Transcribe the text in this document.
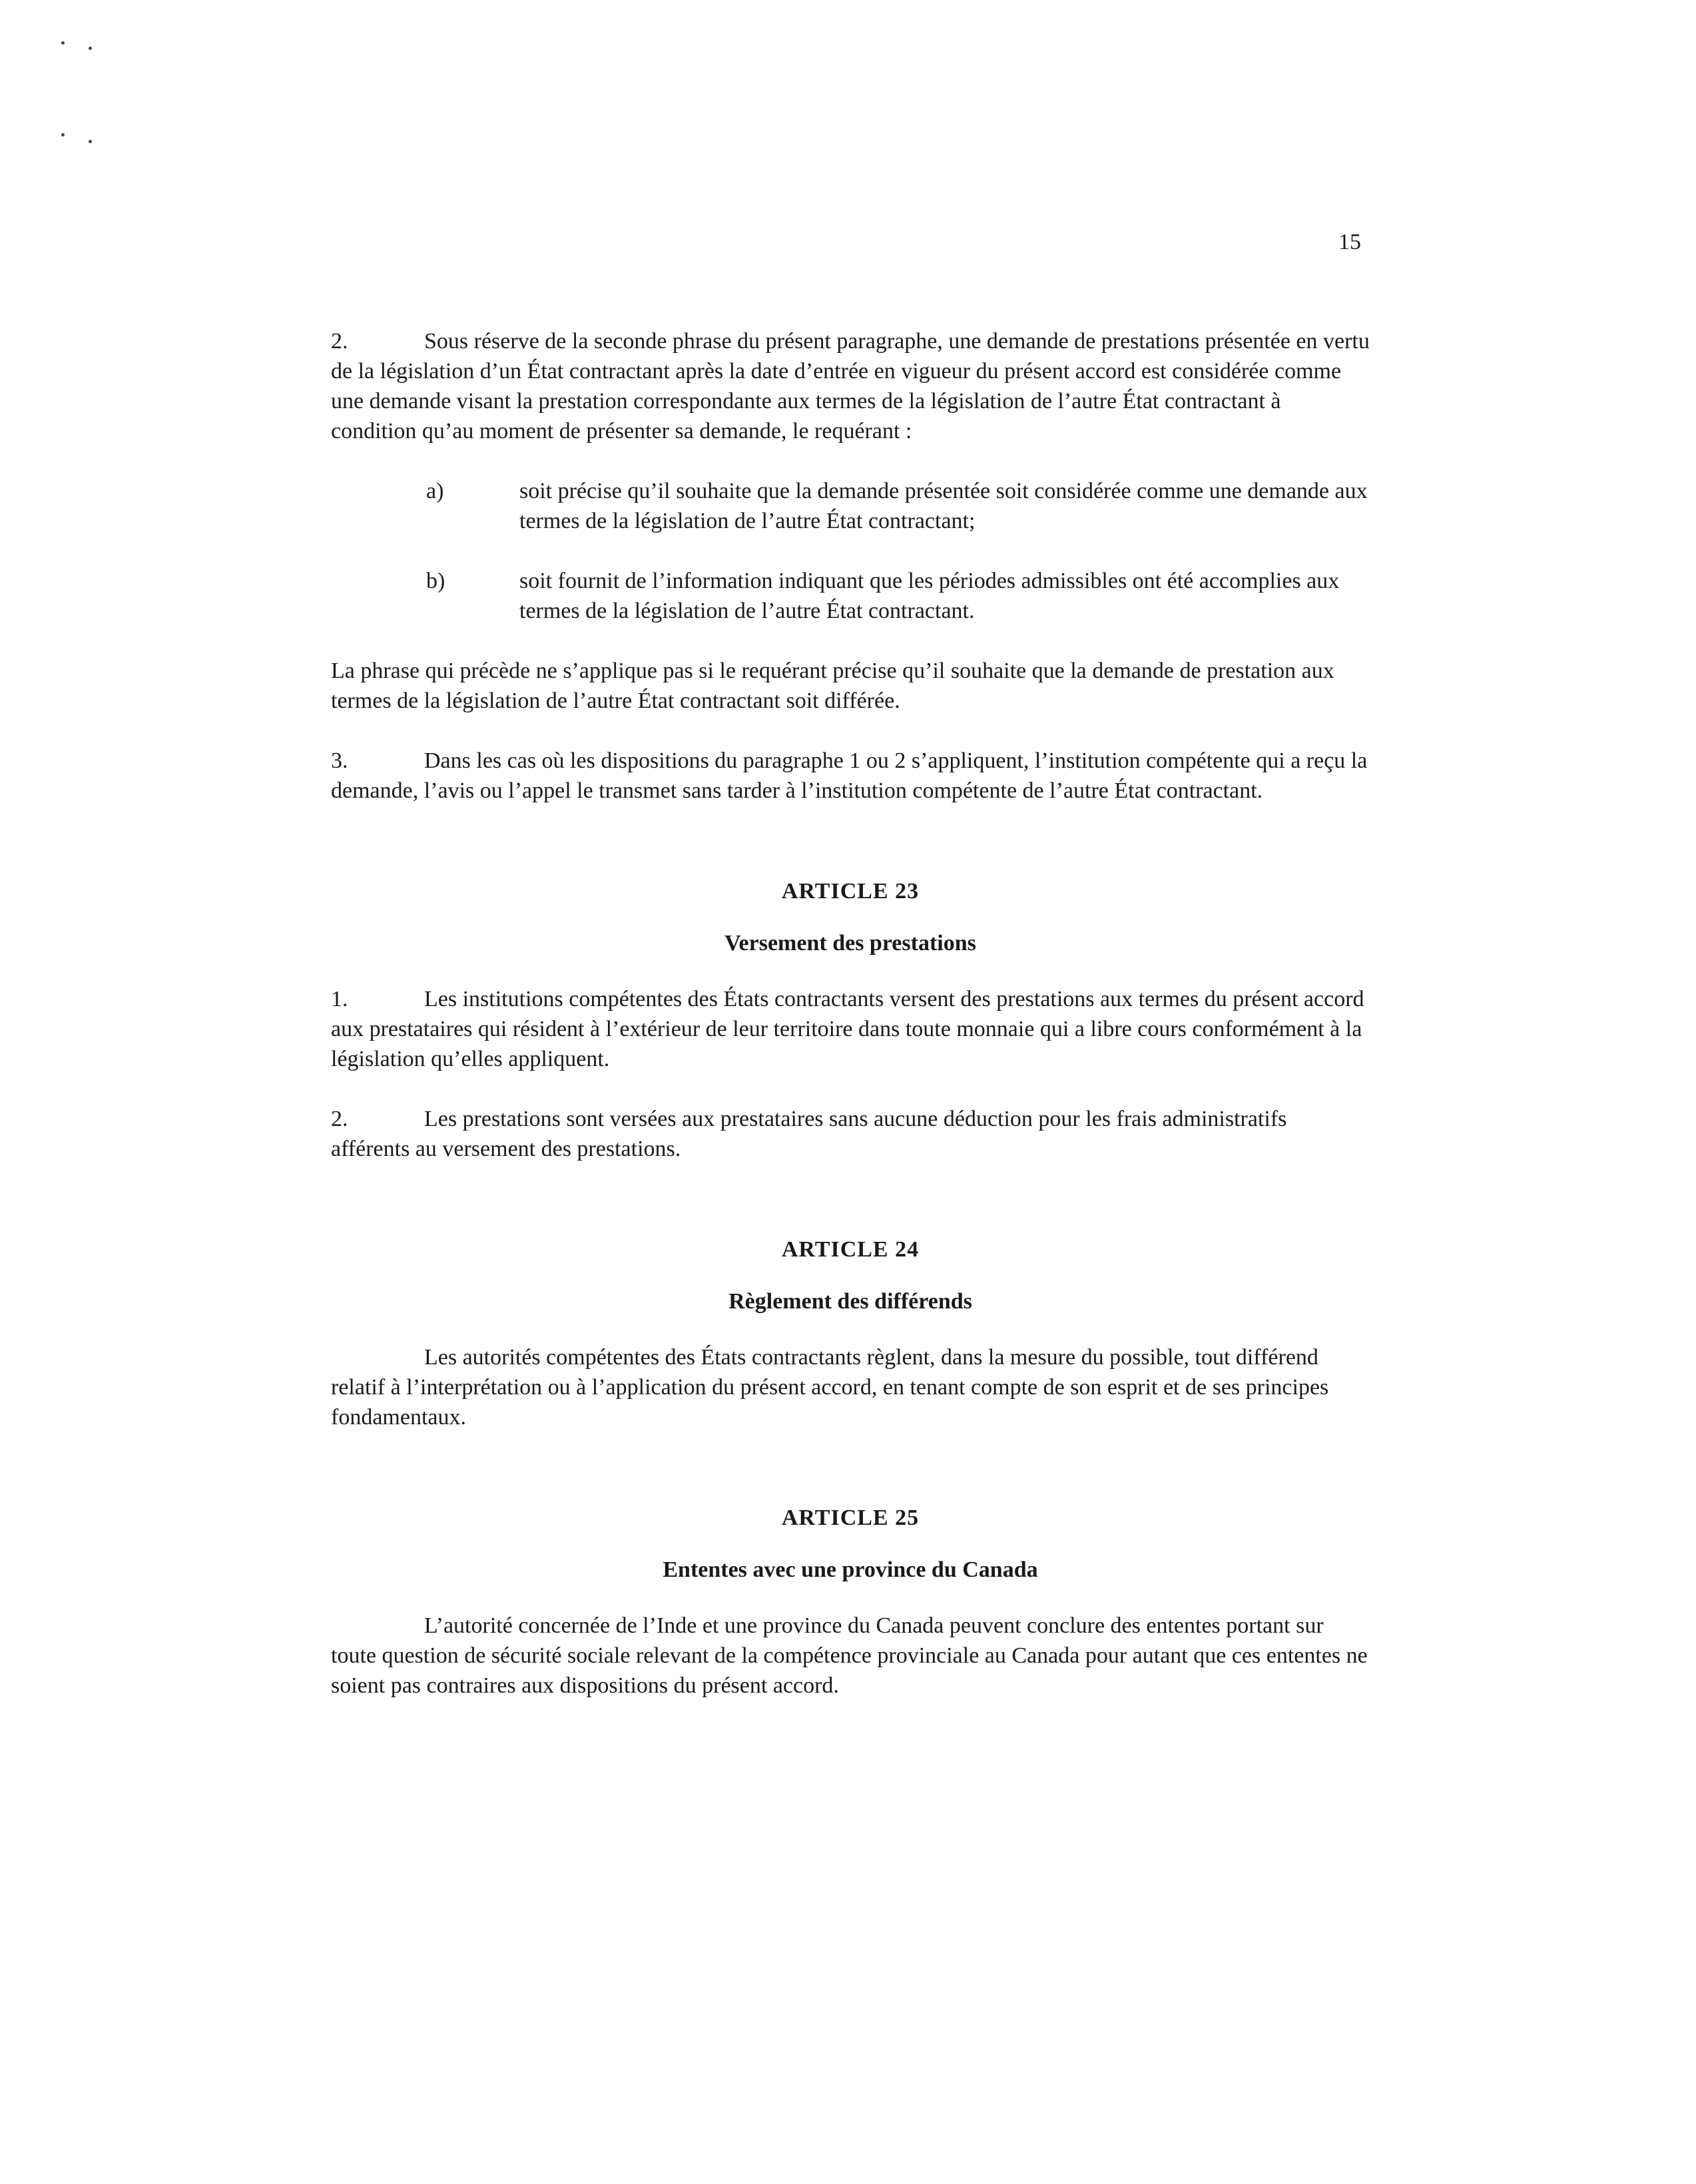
15

2.	Sous réserve de la seconde phrase du présent paragraphe, une demande de prestations présentée en vertu de la législation d’un État contractant après la date d’entrée en vigueur du présent accord est considérée comme une demande visant la prestation correspondante aux termes de la législation de l’autre État contractant à condition qu’au moment de présenter sa demande, le requérant :

a)	soit précise qu’il souhaite que la demande présentée soit considérée comme une demande aux termes de la législation de l’autre État contractant;

b)	soit fournit de l’information indiquant que les périodes admissibles ont été accomplies aux termes de la législation de l’autre État contractant.

La phrase qui précède ne s’applique pas si le requérant précise qu’il souhaite que la demande de prestation aux termes de la législation de l’autre État contractant soit différée.

3.	Dans les cas où les dispositions du paragraphe 1 ou 2 s’appliquent, l’institution compétente qui a reçu la demande, l’avis ou l’appel le transmet sans tarder à l’institution compétente de l’autre État contractant.

ARTICLE 23
Versement des prestations

1.	Les institutions compétentes des États contractants versent des prestations aux termes du présent accord aux prestataires qui résident à l’extérieur de leur territoire dans toute monnaie qui a libre cours conformément à la législation qu’elles appliquent.

2.	Les prestations sont versées aux prestataires sans aucune déduction pour les frais administratifs afférents au versement des prestations.

ARTICLE 24
Règlement des différends

Les autorités compétentes des États contractants règlent, dans la mesure du possible, tout différend relatif à l’interprétation ou à l’application du présent accord, en tenant compte de son esprit et de ses principes fondamentaux.

ARTICLE 25
Ententes avec une province du Canada

L’autorité concernée de l’Inde et une province du Canada peuvent conclure des ententes portant sur toute question de sécurité sociale relevant de la compétence provinciale au Canada pour autant que ces ententes ne soient pas contraires aux dispositions du présent accord.
